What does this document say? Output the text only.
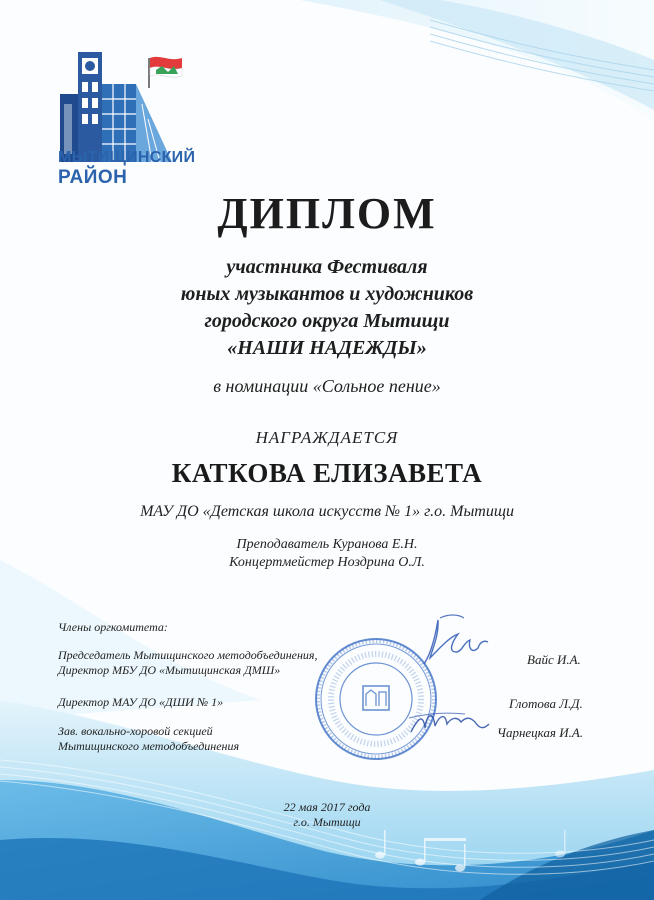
МЫТИЩИНСКИЙ
РАЙОН
ДИПЛОМ
участника Фестиваля
юных музыкантов и художников
городского округа Мытищи
«НАШИ НАДЕЖДЫ»
в номинации «Сольное пение»
НАГРАЖДАЕТСЯ
КАТКОВА ЕЛИЗАВЕТА
МАУ ДО «Детская школа искусств № 1» г.о. Мытищи
Преподаватель Куранова Е.Н.
Концертмейстер Ноздрина О.Л.
Члены оргкомитета:
Председатель Мытищинского методобъединения,
Директор МБУ ДО «Мытищинская ДМШ»
Вайс И.А.
Директор МАУ ДО «ДШИ № 1»	Глотова Л.Д.
Зав. вокально-хоровой секцией
Мытищинского методобъединения
Чарнецкая И.А.
22 мая 2017 года
г.о. Мытищи
